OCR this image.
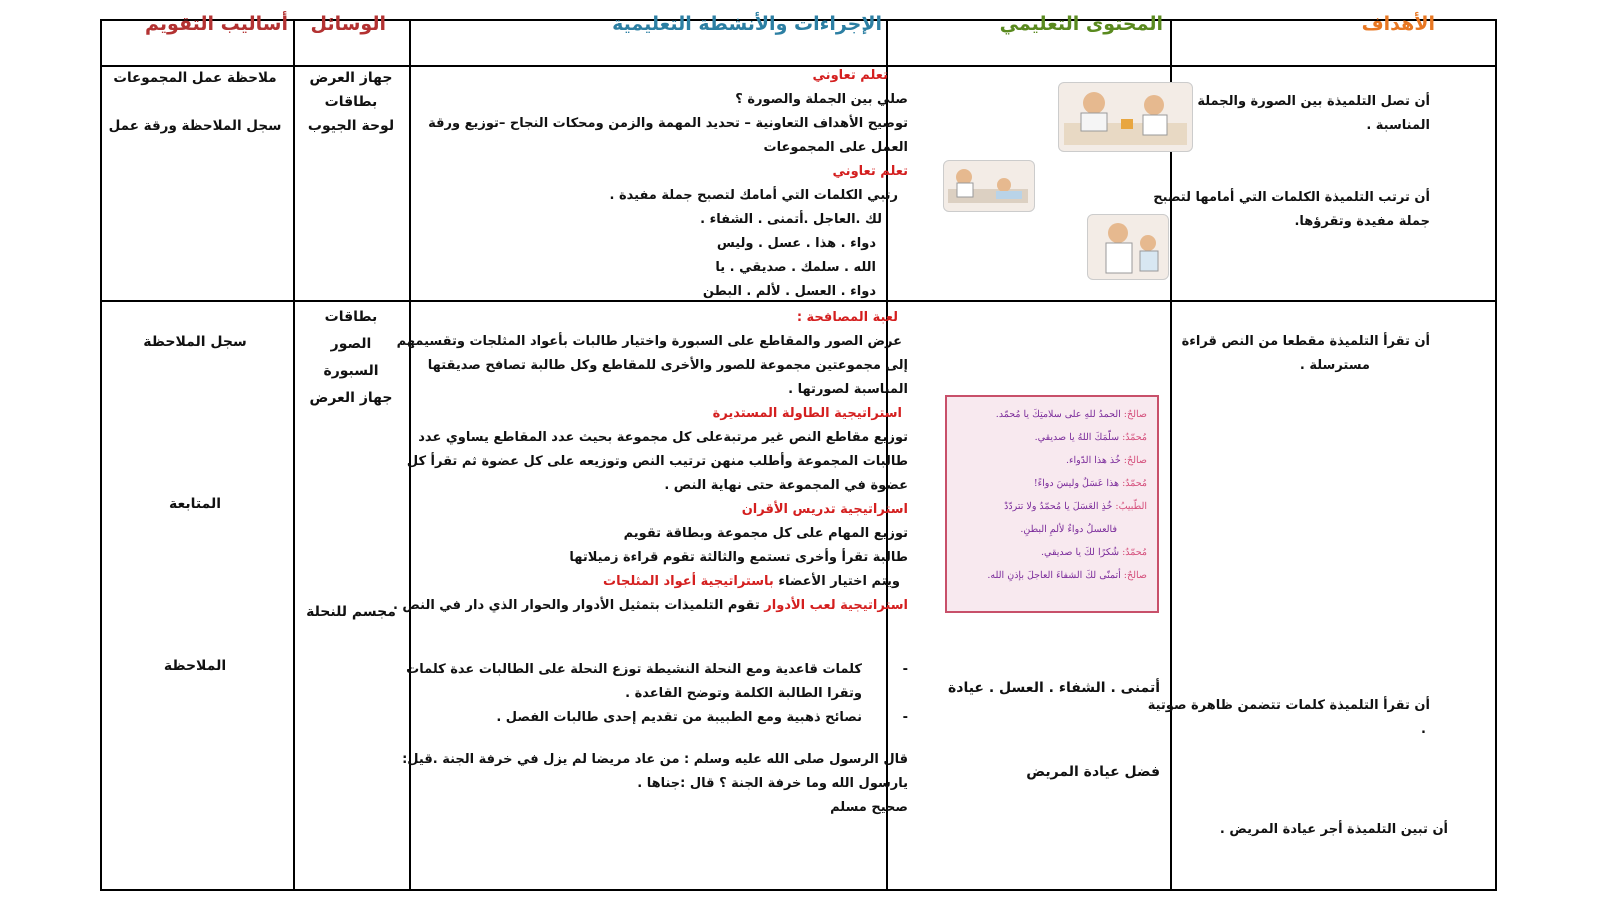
الأهداف
المحتوى التعليمي
الإجراءات والأنشطة التعليمية
الوسائل
أساليب التقويم
أن تصل التلميذة بين الصورة والجملة
المناسبة .
أن ترتب التلميذة الكلمات التي أمامها لتصبح
جملة مفيدة وتقرؤها.
تعلم تعاوني
صلي بين الجملة والصورة ؟
توضيح الأهداف التعاونية – تحديد المهمة والزمن ومحكات النجاح –توزيع ورقة
العمل على المجموعات
تعلم تعاوني
رتبي الكلمات التي أمامك لتصبح جملة مفيدة .
لك .العاجل .أتمنى . الشفاء .
دواء . هذا . عسل . وليس
الله . سلمك . صديقي . يا
دواء . العسل . لألم . البطن
جهاز العرض
بطاقات
لوحة الجيوب
ملاحظة عمل المجموعات
سجل الملاحظة ورقة عمل
أن تقرأ التلميذة مقطعا من النص قراءة
مسترسلة .
أن تقرأ التلميذة كلمات تتضمن ظاهرة صوتية
.
أن تبين التلميذة أجر عيادة المريض .
صالحٌ: الحمدُ للهِ على سلامتِكَ يا مُحمّد.
مُحمّدٌ: سلّمَكَ اللهُ يا صديقي.
صالحٌ: خُذ هذا الدّواء.
مُحمّدٌ: هذا عَسَلٌ وليسَ دواءً!
الطّبيبُ: خُذِ العَسَلَ يا مُحمّدُ ولا تتردّدْ
فالعسلُ دواءٌ لألمِ البطنِ.
مُحمّدٌ: شُكرًا لكَ يا صديقي.
صالحٌ: أتمنّى لكَ الشفاءَ العاجلَ بإذنِ الله.
أتمنى . الشفاء . العسل . عيادة
فضل عيادة المريض
لعبة المصافحة :
عرض الصور والمقاطع على السبورة واختيار طالبات بأعواد المثلجات وتقسيمهم
إلى مجموعتين مجموعة للصور والأخرى للمقاطع وكل طالبة تصافح صديقتها
المناسبة لصورتها .
استراتيجية الطاولة المستديرة
توزيع مقاطع النص غير مرتبةعلى كل مجموعة بحيث عدد المقاطع يساوي عدد
طالبات المجموعة وأطلب منهن ترتيب النص وتوزيعه على كل عضوة ثم تقرأ كل
عضوة في المجموعة حتى نهاية النص .
استراتيجية تدريس الأقران
توزيع المهام على كل مجموعة وبطاقة تقويم
طالبة تقرأ وأخرى تستمع والثالثة تقوم قراءة زميلاتها
ويتم اختيار الأعضاء باستراتيجية أعواد المثلجات
استراتيجية لعب الأدوار تقوم التلميذات بتمثيل الأدوار والحوار الذي دار في النص .
-
كلمات قاعدية ومع النحلة النشيطة توزع النحلة على الطالبات عدة كلمات
وتقرا الطالبة الكلمة وتوضح القاعدة .
-
نصائح ذهبية ومع الطبيبة من تقديم إحدى طالبات الفصل .
قال الرسول صلى الله عليه وسلم : من عاد مريضا لم يزل في خرفة الجنة .قيل:
يارسول الله وما خرفة الجنة ؟ قال :جناها .
صحيح مسلم
بطاقات
الصور
السبورة
جهاز العرض
مجسم للنحلة
سجل الملاحظة
المتابعة
الملاحظة
